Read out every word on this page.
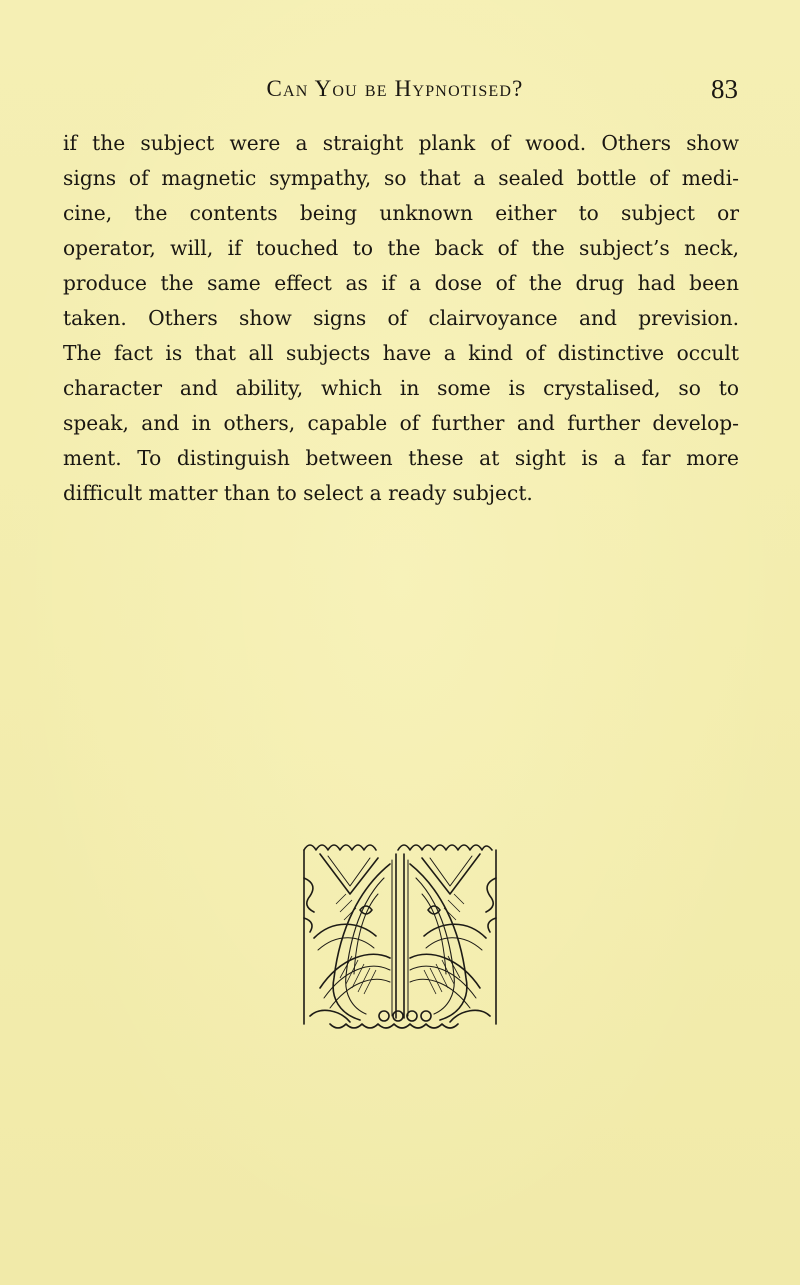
Can You be Hypnotised?	83
if the subject were a straight plank of wood. Others show
signs of magnetic sympathy, so that a sealed bottle of medi-
cine, the contents being unknown either to subject or
operator, will, if touched to the back of the subject’s neck,
produce the same effect as if a dose of the drug had been
taken. Others show signs of clairvoyance and prevision.
The fact is that all subjects have a kind of distinctive occult
character and ability, which in some is crystalised, so to
speak, and in others, capable of further and further develop-
ment. To distinguish between these at sight is a far more
difficult matter than to select a ready subject.
